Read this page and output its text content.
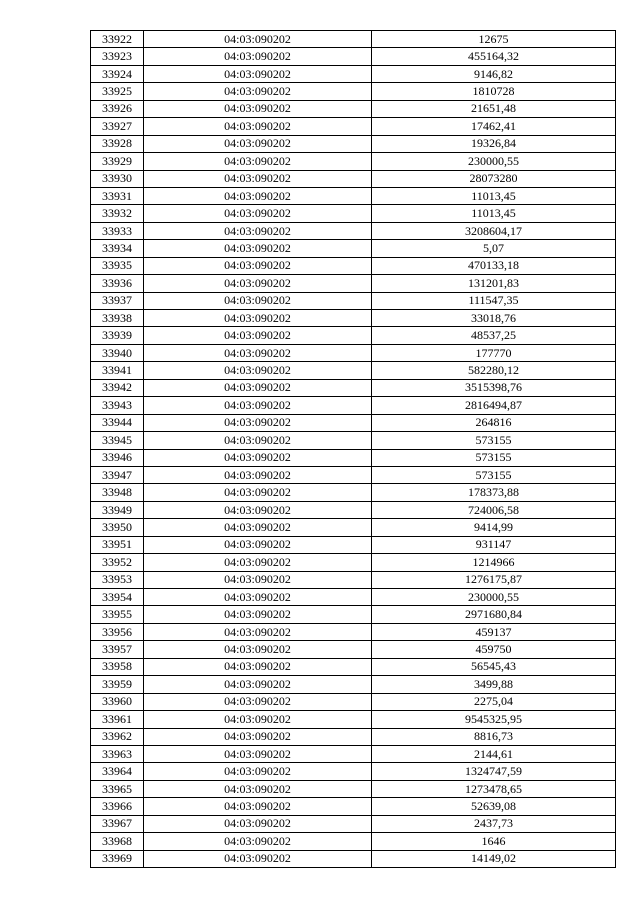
33922	04:03:090202	12675
33923	04:03:090202	455164,32
33924	04:03:090202	9146,82
33925	04:03:090202	1810728
33926	04:03:090202	21651,48
33927	04:03:090202	17462,41
33928	04:03:090202	19326,84
33929	04:03:090202	230000,55
33930	04:03:090202	28073280
33931	04:03:090202	11013,45
33932	04:03:090202	11013,45
33933	04:03:090202	3208604,17
33934	04:03:090202	5,07
33935	04:03:090202	470133,18
33936	04:03:090202	131201,83
33937	04:03:090202	111547,35
33938	04:03:090202	33018,76
33939	04:03:090202	48537,25
33940	04:03:090202	177770
33941	04:03:090202	582280,12
33942	04:03:090202	3515398,76
33943	04:03:090202	2816494,87
33944	04:03:090202	264816
33945	04:03:090202	573155
33946	04:03:090202	573155
33947	04:03:090202	573155
33948	04:03:090202	178373,88
33949	04:03:090202	724006,58
33950	04:03:090202	9414,99
33951	04:03:090202	931147
33952	04:03:090202	1214966
33953	04:03:090202	1276175,87
33954	04:03:090202	230000,55
33955	04:03:090202	2971680,84
33956	04:03:090202	459137
33957	04:03:090202	459750
33958	04:03:090202	56545,43
33959	04:03:090202	3499,88
33960	04:03:090202	2275,04
33961	04:03:090202	9545325,95
33962	04:03:090202	8816,73
33963	04:03:090202	2144,61
33964	04:03:090202	1324747,59
33965	04:03:090202	1273478,65
33966	04:03:090202	52639,08
33967	04:03:090202	2437,73
33968	04:03:090202	1646
33969	04:03:090202	14149,02
